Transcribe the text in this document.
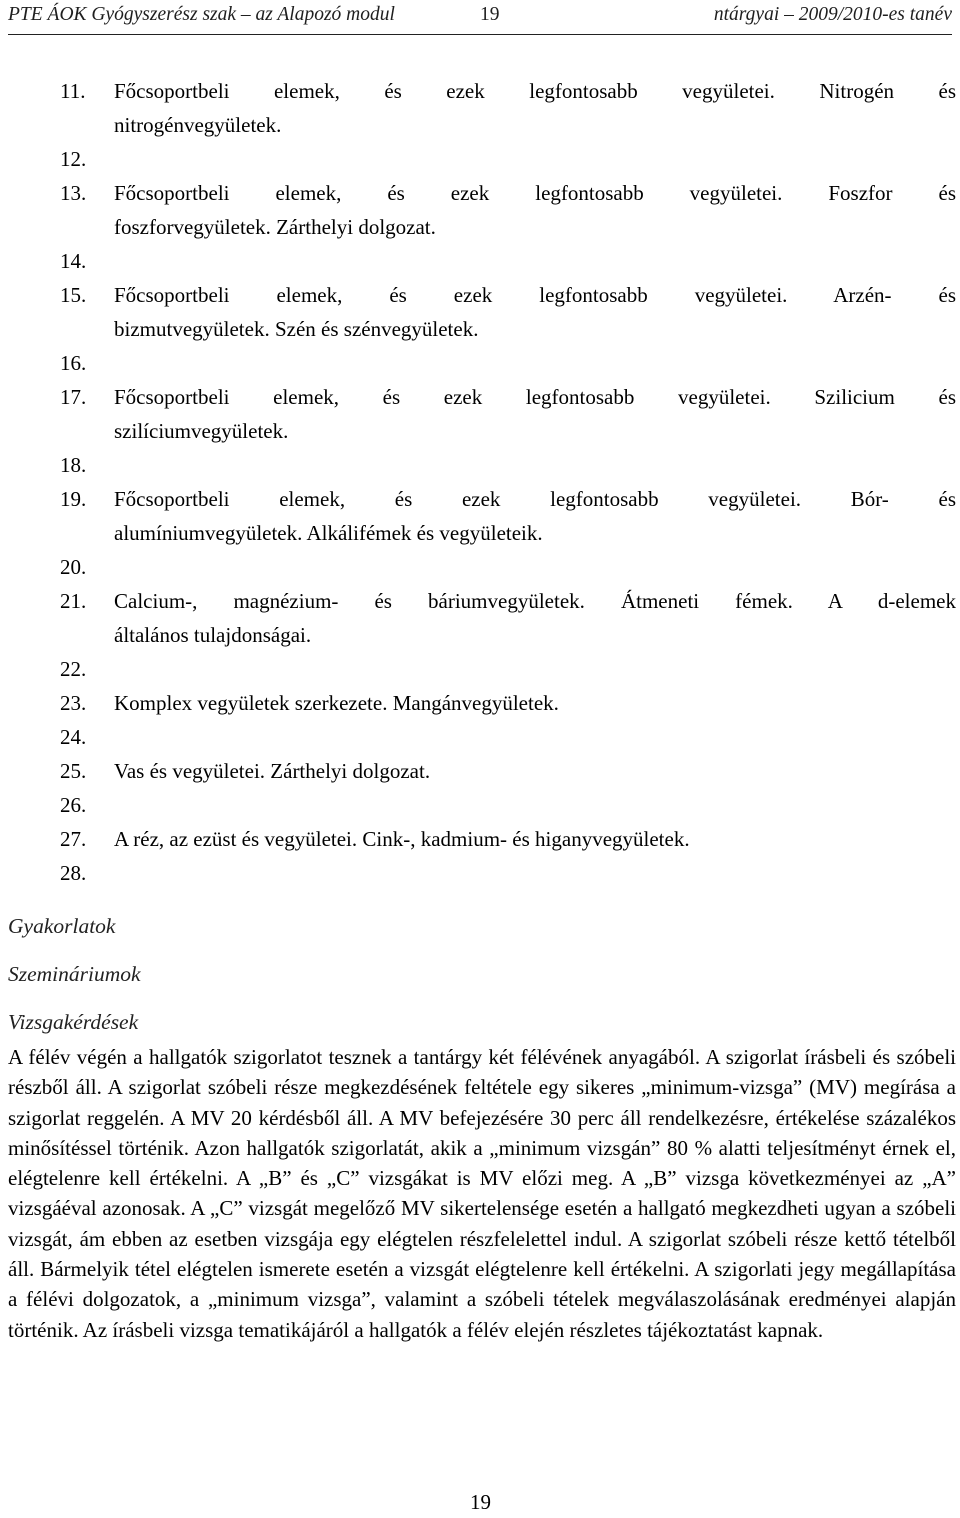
PTE ÁOK Gyógyszerész szak – az Alapozó modul	19	ntárgyai – 2009/2010-es tanév
11. Főcsoportbeli elemek, és ezek legfontosabb vegyületei. Nitrogén és
nitrogénvegyületek.
12.
13. Főcsoportbeli elemek, és ezek legfontosabb vegyületei. Foszfor és
foszforvegyületek. Zárthelyi dolgozat.
14.
15. Főcsoportbeli elemek, és ezek legfontosabb vegyületei. Arzén- és
bizmutvegyületek. Szén és szénvegyületek.
16.
17. Főcsoportbeli elemek, és ezek legfontosabb vegyületei. Szilicium és
szilíciumvegyületek.
18.
19. Főcsoportbeli elemek, és ezek legfontosabb vegyületei. Bór- és
alumíniumvegyületek. Alkálifémek és vegyületeik.
20.
21. Calcium-, magnézium- és báriumvegyületek. Átmeneti fémek. A d-elemek
általános tulajdonságai.
22.
23. Komplex vegyületek szerkezete. Mangánvegyületek.
24.
25. Vas és vegyületei. Zárthelyi dolgozat.
26.
27. A réz, az ezüst és vegyületei. Cink-, kadmium- és higanyvegyületek.
28.
Gyakorlatok
Szemináriumok
Vizsgakérdések
A félév végén a hallgatók szigorlatot tesznek a tantárgy két félévének anyagából. A szigorlat írásbeli és szóbeli részből áll. A szigorlat szóbeli része megkezdésének feltétele egy sikeres „minimum-vizsga” (MV) megírása a szigorlat reggelén. A MV 20 kérdésből áll. A MV befejezésére 30 perc áll rendelkezésre, értékelése százalékos minősítéssel történik. Azon hallgatók szigorlatát, akik a „minimum vizsgán” 80 % alatti teljesítményt érnek el, elégtelenre kell értékelni. A „B” és „C” vizsgákat is MV előzi meg. A „B” vizsga következményei az „A” vizsgáéval azonosak. A „C” vizsgát megelőző MV sikertelensége esetén a hallgató megkezdheti ugyan a szóbeli vizsgát, ám ebben az esetben vizsgája egy elégtelen részfelelettel indul. A szigorlat szóbeli része kettő tételből áll. Bármelyik tétel elégtelen ismerete esetén a vizsgát elégtelenre kell értékelni. A szigorlati jegy megállapítása a félévi dolgozatok, a „minimum vizsga”, valamint a szóbeli tételek megválaszolásának eredményei alapján történik. Az írásbeli vizsga tematikájáról a hallgatók a félév elején részletes tájékoztatást kapnak.
19
